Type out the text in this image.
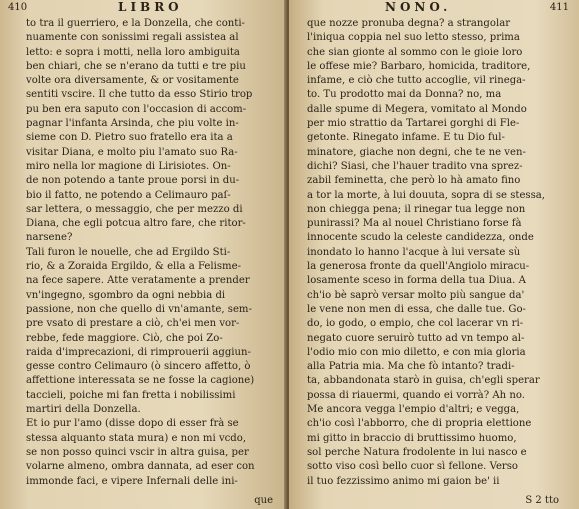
410	LIBRO
to tra il guerriero, e la Donzella, che conti-
nuamente con sonissimi regali assistea al
letto: e sopra i motti, nella loro ambiguita
ben chiari, che se n'erano da tutti e tre piu
volte ora diversamente, & or vositamente
sentiti vscire. Il che tutto da esso Stirio trop
pu ben era saputo con l'occasion di accom-
pagnar l'infanta Arsinda, che piu volte in-
sieme con D. Pietro suo fratello era ita a
visitar Diana, e molto piu l'amato suo Ra-
miro nella lor magione di Lirisiotes. On-
de non potendo a tante proue porsi in du-
bio il fatto, ne potendo a Celimauro paſ-
sar lettera, o messaggio, che per mezzo di
Diana, che egli potcua altro fare, che ritor-
narsene?
Tali furon le nouelle, che ad Ergildo Sti-
rio, & a Zoraida Ergildo, & ella a Felisme-
na fece sapere. Atte veratamente a prender
vn'ingegno, sgombro da ogni nebbia di
passione, non che quello di vn'amante, sem-
pre vsato di prestare a ciò, ch'ei men vor-
rebbe, fede maggiore. Ciò, che poi Zo-
raida d'imprecazioni, di rimprouerii aggiun-
gesse contro Celimauro (ò sincero affetto, ò
affettione interessata se ne fosse la cagione)
taccieli, poiche mi fan fretta i nobilissimi
martiri della Donzella.
Et io pur l'amo (disse dopo di esser frà se
stessa alquanto stata mura) e non mi vcdo,
se non posso quinci vscir in altra guisa, per
volarne almeno, ombra dannata, ad eser con
immonde faci, e vipere Infernali delle ini-
que
NONO.	411
que nozze pronuba degna? a strangolar
l'iniqua coppia nel suo letto stesso, prima
che sian gionte al sommo con le gioie loro
le offese mie? Barbaro, homicida, traditore,
infame, e ciò che tutto accoglie, vil rinega-
to. Tu prodotto mai da Donna? no, ma
dalle spume di Megera, vomitato al Mondo
per mio strattio da Tartarei gorghi di Fle-
getonte. Rinegato infame. E tu Dio ful-
minatore, giache non degni, che te ne ven-
dichi? Siasi, che l'hauer tradito vna sprez-
zabil feminetta, che però lo hà amato fino
a tor la morte, à lui douuta, sopra di se stessa,
non chiegga pena; il rinegar tua legge non
punirassi? Ma al nouel Christiano forse fà
innocente scudo la celeste candidezza, onde
inondato lo hanno l'acque à lui versate sù
la generosa fronte da quell'Angiolo miracu-
losamente sceso in forma della tua Diua. A
ch'io bè saprò versar molto più sangue da'
le vene non men di essa, che dalle tue. Go-
do, io godo, o empio, che col lacerar vn ri-
negato cuore seruirò tutto ad vn tempo al-
l'odio mio con mio diletto, e con mia gloria
alla Patria mia. Ma che fò intanto? tradi-
ta, abbandonata starò in guisa, ch'egli sperar
possa di riauermi, quando ei vorrà? Ah no.
Me ancora vegga l'empio d'altri; e vegga,
ch'io così l'abborro, che di propria elettione
mi gitto in braccio di bruttissimo huomo,
sol perche Natura frodolente in lui nasco e
sotto viso così bello cuor sì fellone. Verso
il tuo fezzissimo animo mi gaion be' ii
S 2 tto
